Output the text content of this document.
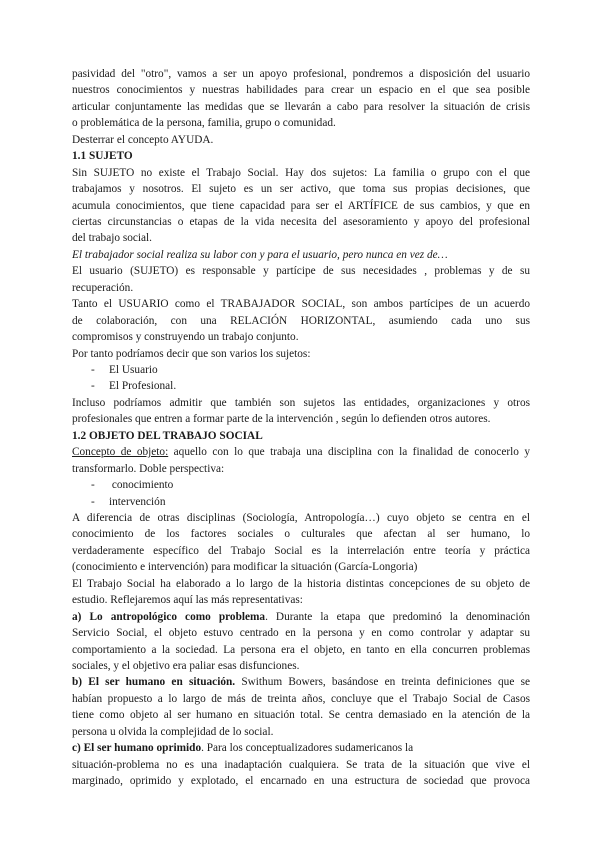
pasividad del "otro", vamos a ser un apoyo profesional, pondremos a disposición del usuario
nuestros conocimientos y nuestras habilidades para crear un espacio en el que sea posible
articular conjuntamente las medidas que se llevarán a cabo para resolver la situación de crisis
o problemática de la persona, familia, grupo o comunidad.
Desterrar el concepto AYUDA.
1.1 SUJETO
Sin SUJETO no existe el Trabajo Social. Hay dos sujetos: La familia o grupo con el que
trabajamos y nosotros. El sujeto es un ser activo, que toma sus propias decisiones, que
acumula conocimientos, que tiene capacidad para ser el ARTÍFICE de sus cambios, y que en
ciertas circunstancias o etapas de la vida necesita del asesoramiento y apoyo del profesional
del trabajo social.
El trabajador social realiza su labor con y para el usuario, pero nunca en vez de…
El usuario (SUJETO) es responsable y partícipe de sus necesidades , problemas y de su
recuperación.
Tanto el USUARIO como el TRABAJADOR SOCIAL, son ambos partícipes de un acuerdo
de colaboración, con una RELACIÓN HORIZONTAL, asumiendo cada uno sus
compromisos y construyendo un trabajo conjunto.
Por tanto podríamos decir que son varios los sujetos:
- El Usuario
- El Profesional.
Incluso podríamos admitir que también son sujetos las entidades, organizaciones y otros
profesionales que entren a formar parte de la intervención , según lo defienden otros autores.
1.2 OBJETO DEL TRABAJO SOCIAL
Concepto de objeto: aquello con lo que trabaja una disciplina con la finalidad de conocerlo y
transformarlo. Doble perspectiva:
- conocimiento
- intervención
A diferencia de otras disciplinas (Sociología, Antropología…) cuyo objeto se centra en el
conocimiento de los factores sociales o culturales que afectan al ser humano, lo
verdaderamente específico del Trabajo Social es la interrelación entre teoría y práctica
(conocimiento e intervención) para modificar la situación (García-Longoria)
El Trabajo Social ha elaborado a lo largo de la historia distintas concepciones de su objeto de
estudio. Reflejaremos aquí las más representativas:
a) Lo antropológico como problema. Durante la etapa que predominó la denominación
Servicio Social, el objeto estuvo centrado en la persona y en como controlar y adaptar su
comportamiento a la sociedad. La persona era el objeto, en tanto en ella concurren problemas
sociales, y el objetivo era paliar esas disfunciones.
b) El ser humano en situación. Swithum Bowers, basándose en treinta definiciones que se
habían propuesto a lo largo de más de treinta años, concluye que el Trabajo Social de Casos
tiene como objeto al ser humano en situación total. Se centra demasiado en la atención de la
persona u olvida la complejidad de lo social.
c) El ser humano oprimido. Para los conceptualizadores sudamericanos la
situación-problema no es una inadaptación cualquiera. Se trata de la situación que vive el
marginado, oprimido y explotado, el encarnado en una estructura de sociedad que provoca
